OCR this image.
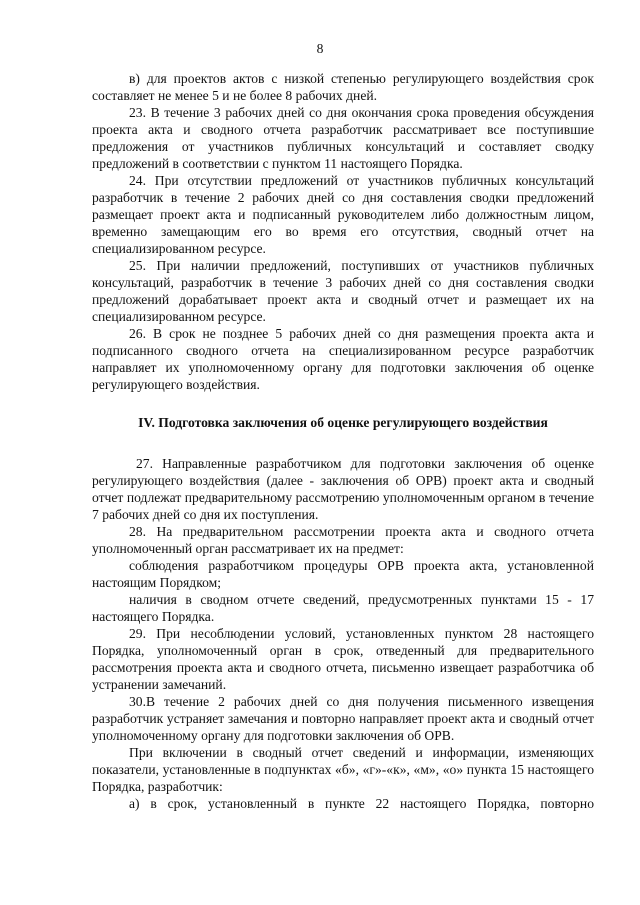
8
в) для проектов актов с низкой степенью регулирующего воздействия срок составляет не менее 5 и не более 8 рабочих дней.
23. В течение 3 рабочих дней со дня окончания срока проведения обсуждения проекта акта и сводного отчета разработчик рассматривает все поступившие предложения от участников публичных консультаций и составляет сводку предложений в соответствии с пунктом 11 настоящего Порядка.
24. При отсутствии предложений от участников публичных консультаций разработчик в течение 2 рабочих дней со дня составления сводки предложений размещает проект акта и подписанный руководителем либо должностным лицом, временно замещающим его во время его отсутствия, сводный отчет на специализированном ресурсе.
25. При наличии предложений, поступивших от участников публичных консультаций, разработчик в течение 3 рабочих дней со дня составления сводки предложений дорабатывает проект акта и сводный отчет и размещает их на специализированном ресурсе.
26. В срок не позднее 5 рабочих дней со дня размещения проекта акта и подписанного сводного отчета на специализированном ресурсе разработчик направляет их уполномоченному органу для подготовки заключения об оценке регулирующего воздействия.
IV. Подготовка заключения об оценке регулирующего воздействия
27. Направленные разработчиком для подготовки заключения об оценке регулирующего воздействия (далее - заключения об ОРВ) проект акта и сводный отчет подлежат предварительному рассмотрению уполномоченным органом в течение 7 рабочих дней со дня их поступления.
28. На предварительном рассмотрении проекта акта и сводного отчета уполномоченный орган рассматривает их на предмет:
соблюдения разработчиком процедуры ОРВ проекта акта, установленной настоящим Порядком;
наличия в сводном отчете сведений, предусмотренных пунктами 15 - 17 настоящего Порядка.
29. При несоблюдении условий, установленных пунктом 28 настоящего Порядка, уполномоченный орган в срок, отведенный для предварительного рассмотрения проекта акта и сводного отчета, письменно извещает разработчика об устранении замечаний.
30.В течение 2 рабочих дней со дня получения письменного извещения разработчик устраняет замечания и повторно направляет проект акта и сводный отчет уполномоченному органу для подготовки заключения об ОРВ.
При включении в сводный отчет сведений и информации, изменяющих показатели, установленные в подпунктах «б», «г»-«к», «м», «о» пункта 15 настоящего Порядка, разработчик:
а) в срок, установленный в пункте 22 настоящего Порядка, повторно
